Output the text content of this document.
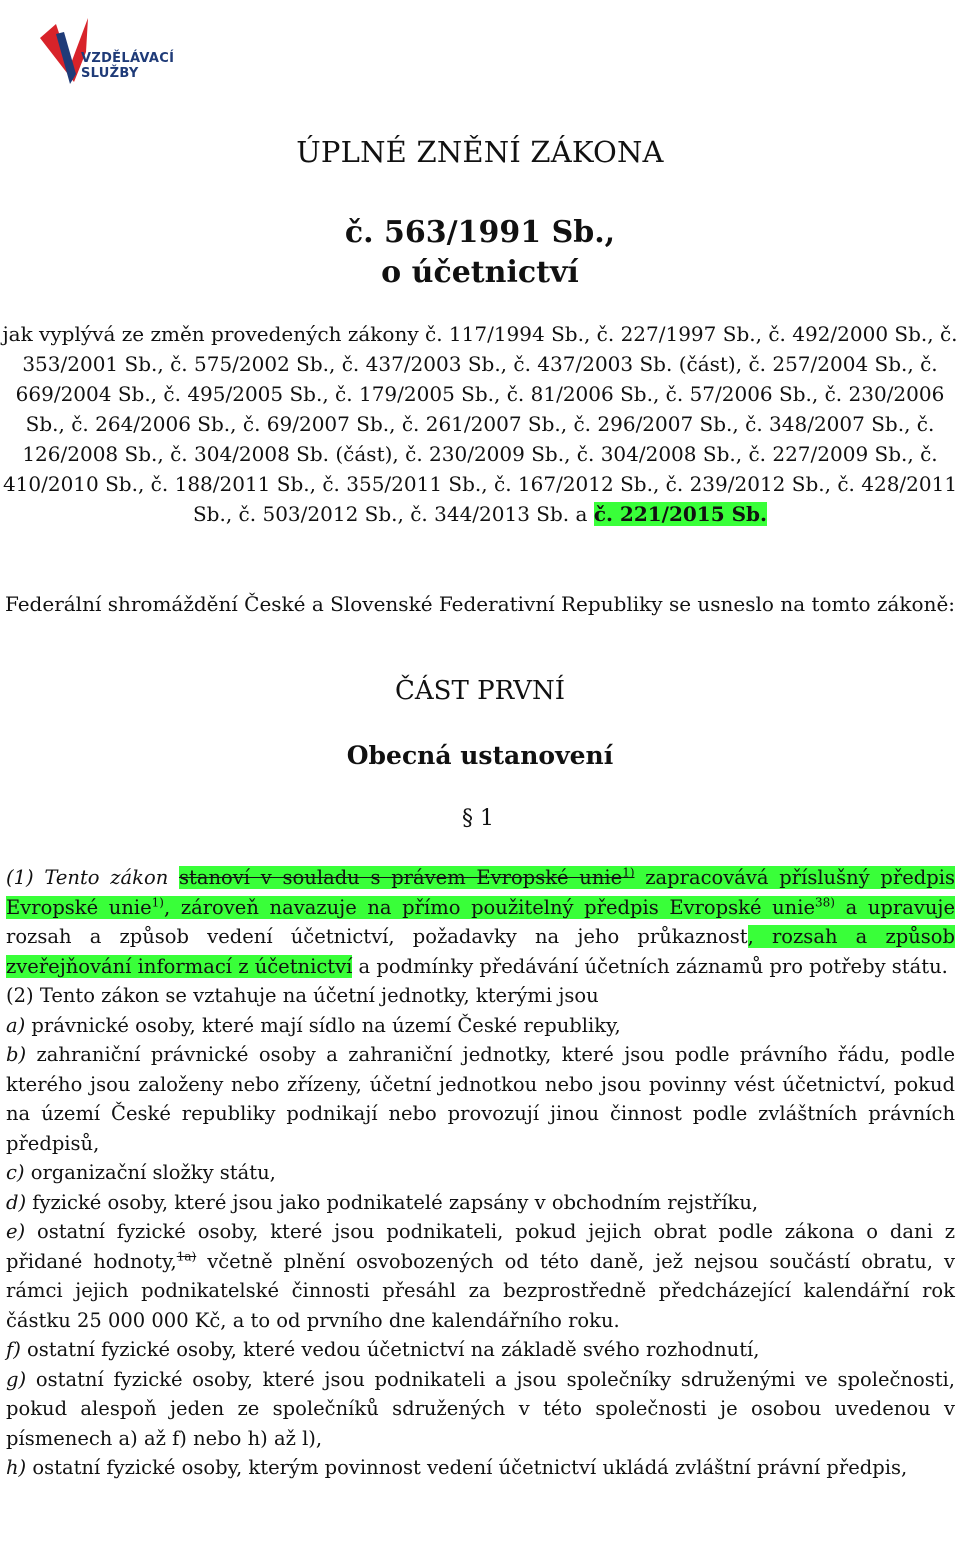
VZDĚLÁVACÍ
SLUŽBY
ÚPLNÉ ZNĚNÍ ZÁKONA
č. 563/1991 Sb.,
o účetnictví

jak vyplývá ze změn provedených zákony č. 117/1994 Sb., č. 227/1997 Sb., č. 492/2000 Sb., č. 353/2001 Sb., č. 575/2002 Sb., č. 437/2003 Sb., č. 437/2003 Sb. (část), č. 257/2004 Sb., č. 669/2004 Sb., č. 495/2005 Sb., č. 179/2005 Sb., č. 81/2006 Sb., č. 57/2006 Sb., č. 230/2006 Sb., č. 264/2006 Sb., č. 69/2007 Sb., č. 261/2007 Sb., č. 296/2007 Sb., č. 348/2007 Sb., č. 126/2008 Sb., č. 304/2008 Sb. (část), č. 230/2009 Sb., č. 304/2008 Sb., č. 227/2009 Sb., č. 410/2010 Sb., č. 188/2011 Sb., č. 355/2011 Sb., č. 167/2012 Sb., č. 239/2012 Sb., č. 428/2011 Sb., č. 503/2012 Sb., č. 344/2013 Sb. a č. 221/2015 Sb.

Federální shromáždění České a Slovenské Federativní Republiky se usneslo na tomto zákoně:

ČÁST PRVNÍ
Obecná ustanovení
§ 1

(1) Tento zákon stanoví v souladu s právem Evropské unie$^{1)}$ zapracovává příslušný předpis Evropské unie$^{1)}$, zároveň navazuje na přímo použitelný předpis Evropské unie$^{38)}$ a upravuje rozsah a způsob vedení účetnictví, požadavky na jeho průkaznost, rozsah a způsob zveřejňování informací z účetnictví a podmínky předávání účetních záznamů pro potřeby státu.

(2) Tento zákon se vztahuje na účetní jednotky, kterými jsou

a) právnické osoby, které mají sídlo na území České republiky,

b) zahraniční právnické osoby a zahraniční jednotky, které jsou podle právního řádu, podle kterého jsou založeny nebo zřízeny, účetní jednotkou nebo jsou povinny vést účetnictví, pokud na území České republiky podnikají nebo provozují jinou činnost podle zvláštních právních předpisů,

c) organizační složky státu,

d) fyzické osoby, které jsou jako podnikatelé zapsány v obchodním rejstříku,

e) ostatní fyzické osoby, které jsou podnikateli, pokud jejich obrat podle zákona o dani z přidané hodnoty,$^{1a)}$ včetně plnění osvobozených od této daně, jež nejsou součástí obratu, v rámci jejich podnikatelské činnosti přesáhl za bezprostředně předcházející kalendářní rok částku 25 000 000 Kč, a to od prvního dne kalendářního roku.

f) ostatní fyzické osoby, které vedou účetnictví na základě svého rozhodnutí,

g) ostatní fyzické osoby, které jsou podnikateli a jsou společníky sdruženými ve společnosti, pokud alespoň jeden ze společníků sdružených v této společnosti je osobou uvedenou v písmenech a) až f) nebo h) až l),

h) ostatní fyzické osoby, kterým povinnost vedení účetnictví ukládá zvláštní právní předpis,
